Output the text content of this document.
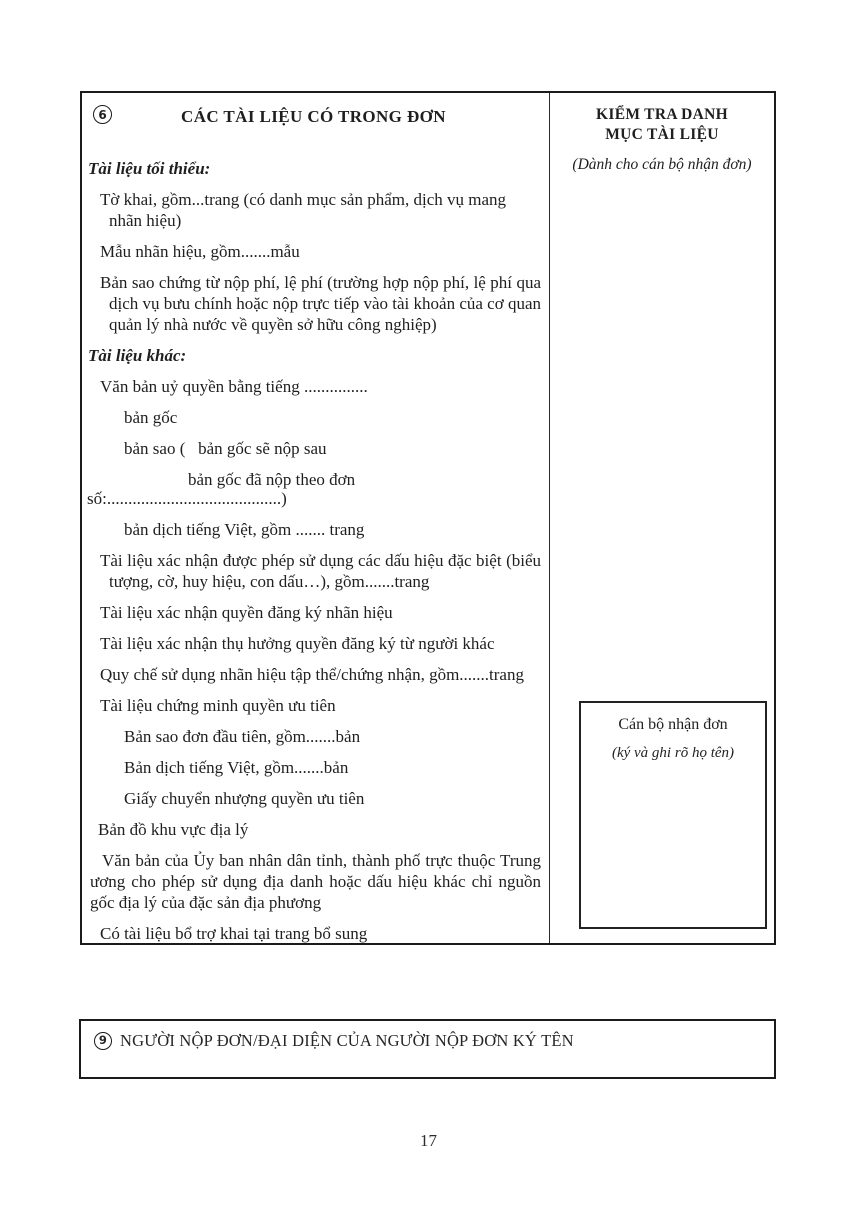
6	CÁC TÀI LIỆU CÓ TRONG ĐƠN
Tài liệu tối thiểu:
Tờ khai, gồm...trang (có danh mục sản phẩm, dịch vụ mang nhãn hiệu)
Mẫu nhãn hiệu, gồm.......mẫu
Bản sao chứng từ nộp phí, lệ phí (trường hợp nộp phí, lệ phí qua dịch vụ bưu chính hoặc nộp trực tiếp vào tài khoản của cơ quan quản lý nhà nước về quyền sở hữu công nghiệp)
Tài liệu khác:
Văn bản uỷ quyền bằng tiếng ...............
bản gốc
bản sao (   bản gốc sẽ nộp sau
bản gốc đã nộp theo đơn
số:.........................................)
bản dịch tiếng Việt, gồm ....... trang
Tài liệu xác nhận được phép sử dụng các dấu hiệu đặc biệt (biểu tượng, cờ, huy hiệu, con dấu…), gồm.......trang
Tài liệu xác nhận quyền đăng ký nhãn hiệu
Tài liệu xác nhận thụ hưởng quyền đăng ký từ người khác
Quy chế sử dụng nhãn hiệu tập thể/chứng nhận, gồm.......trang
Tài liệu chứng minh quyền ưu tiên
Bản sao đơn đầu tiên, gồm.......bản
Bản dịch tiếng Việt, gồm.......bản
Giấy chuyển nhượng quyền ưu tiên
Bản đồ khu vực địa lý
Văn bản của Ủy ban nhân dân tỉnh, thành phố trực thuộc Trung ương cho phép sử dụng địa danh hoặc dấu hiệu khác chỉ nguồn gốc địa lý của đặc sản địa phương
Có tài liệu bổ trợ khai tại trang bổ sung
KIỂM TRA DANH MỤC TÀI LIỆU
(Dành cho cán bộ nhận đơn)
Cán bộ nhận đơn
(ký và ghi rõ họ tên)
9 NGƯỜI NỘP ĐƠN/ĐẠI DIỆN CỦA NGƯỜI NỘP ĐƠN KÝ TÊN
17
